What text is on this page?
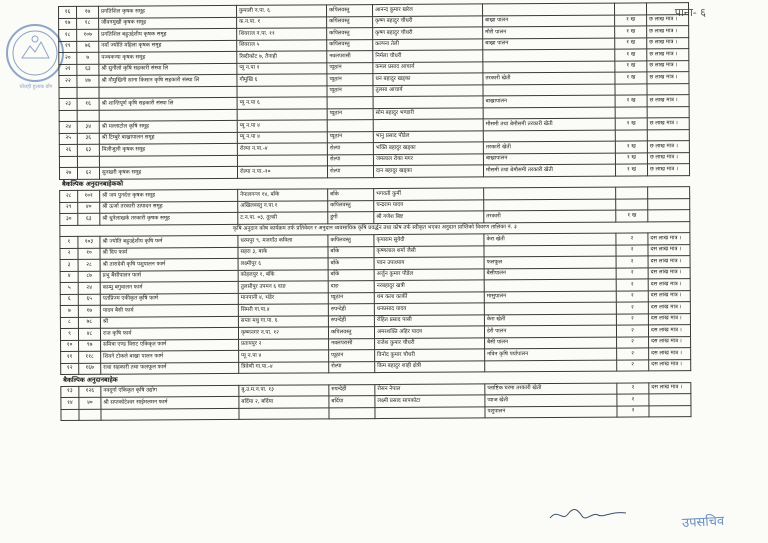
पाना- ६
घोराही हुलाक डाँग
१६	१७	प्रगतिशिल कृषक समूह	कुमाली न.पा. ६	कपिलवस्तु	आनन्द कुमार खरेल			
१७	१८	जीवनमुखी कृषक समूह	क.न.पा. १	कपिलवस्तु	कृष्ण बहादुर चौधरी	बाख्रा पालन	१ ख	छ लाख मात्र ।
१८	१०७	प्रगतिशिल बहुउद्देशीय कृषक समूह	शिवराज न.पा. ११	कपिलवस्तु	कृष्ण बहादुर चौधरी	मौरी पालन	१ ख	छ लाख मात्र ।
१९	७६	नयाँ ज्योति महिला कृषक समूह	शिवराज ५	कपिलवस्तु	कल्पना तेली	बाख्रा पालन	१ ख	छ लाख मात्र ।
२०	७	पञ्चकन्या कृषक समूह	रिब्दीकोट ७, तैनाही	नवलपरासी	निर्मला चौधरी		१ ख	छ लाख मात्र ।
२१	६३	श्री सुनौलो कृषि सहकारी संस्था लि	प्यू न.पा १	प्यूठान	कमल प्रसाद आचार्य		१ ख	छ लाख मात्र ।
२२	४७	श्री गौमुखिनी साना किसान कृषि सहकारी संस्था लि	गौमुखि ६	प्यूठान	धन बहादुर खड्का	तरकारी खेती	१ ख	छ लाख मात्र ।
				प्यूठान	तुलसा आचार्य			
२३	१६	श्री शान्तिपूर्ण कृषि सहकारी संस्था लि	प्यू न.पा ६			बाख्रापालन	१ ख	छ लाख मात्र ।
				प्यूठान	सोम बहादुर भण्डारी			
२४	३४	श्री मल्लाटोल कृषि समूह	प्यू न.पा ४			मौसमी तथा बेमौसमी तरकारी खेती	१ ख	छ लाख मात्र ।
२५	३६	श्री टिम्बुरे बाख्रापालन समूह	प्यू न.पा ४	प्यूठान	भानु प्रसाद पौडेल			
२६	६३	मिलीजुली कृषक समूह	रोल्पा न.पा.-४	रोल्पा	भक्ति बहादुर खड्का	तरकारी खेती	१ ख	छ लाख मात्र ।
				रोल्पा	जमलाल रोका मगर	बाख्रापालन	१ ख	छ लाख मात्र ।
२७	६२	सुनखरी कृषक समूह	रोल्पा न.पा.-१०	रोल्पा	दान बहादुर खड्का	मौसमी तथा बेमौसमी तरकारी खेती	१ ख	छ लाख मात्र ।
बैकल्पिक अनुदानबाहेकको								
२८	१०१	श्री जय पुनर्दत्त कृषक समूह	नेपालगन्ज १४, बाँके	बाँके	भगवती कुर्मी			
२९	४०	श्री ऊर्जा तरकारी उत्पादन समूह	अखिलवस्तु न.पा.१	कपिलवस्तु	चन्द्रराम यादव			
३०	६३	श्री धुनेलाखर्क तरकारी कृषक समूह	ट.न.पा. ०३, तुल्सी	डुंगी	श्री गणेश बिष्ट	तरकारी	१ ख	
कृषि अनुदान कोष कार्यक्रम तर्फ प्रतिवेदन र अनुदान व्यवसायिक कृषि प्रवर्द्धन तथा कोष तर्फ स्वीकृत भएका अनुदान प्राप्तिको विवरण तालिका नं. ३								
१	१०३	श्री ज्योति बहुउद्देशीय कृषि फर्म	धरमपुर ९, मजगाँउ कविला	कपिलवस्तु	कृपाराम सुवेदी	केरा खेती	२	दस लाख मात्र ।
२	१०	श्री दिप फार्म	सहरा ३, बाके	बाँके	कृष्णलाल शर्मा जैसी		२	दस लाख मात्र ।
३	२८	श्री तारादेवी कृषि पशुपालन फार्म	लक्ष्मीपुर ६	बाँके	पवन उपाध्याय	फलफूल	२	दस लाख मात्र ।
४	८७	प्रभु बैंसीपालन फार्म	कोहलपुर १, बाँके	बाँके	अर्जुन कुमार पौडेल	बैसीपालन	२	दस लाख मात्र ।
५	२४	काम्मु बगुवालन फार्म	तुलसीपुर उपमन ६ दाङ	दाङ	नरबहादुर खत्री		२	दस लाख मात्र ।
६	६५	पतप्रिज्म एकीकृत कृषि फार्म	मानपानी ४, भंडेर	प्यूठान	थम कला कार्की	मासुपालन	२	दस लाख मात्र ।
७	१७	यादव बैसी फार्म	सिमरी गा.पा.४	रुपन्देही	धनप्रसाद यादव		२	दस लाख मात्र ।
८	७८	श्री	सप्ता मधु गा.पा. ६	रुपन्देही	रोहित प्रसाद पासी	केरा खेती	२	दस लाख मात्र ।
९	४८	राज कृषि फार्म	कृष्णनगर न.पा. १२	कपिलवस्तु	अमरशक्ति अहिर यादव	डेरी पालन	२	दस लाख मात्र ।
१०	९७	समित्रा एण्ड विराट एकिकृत फार्म	प्रतापपुर २	नवलपरासी	राजेश कुमार चौधरी	बैसी पालन	२	दस लाख मात्र ।
११	११८	शिवने टोकले बाख्रा पालन फार्म	प्यू न.पा ४	प्यूठान	विनोद कुमार चौधरी	नविन कृषि पर्यापालन	२	दस लाख मात्र ।
१२	१६७	राधा सहकारी तथा फलफूल फार्म	त्रिवेणी गा.पा.-४	रोल्पा	किम बहादुर शाही क्षेत्री		२	दस लाख मात्र ।
बैकल्पिक अनुदानबाहेक								
१३	१२६	नवदुर्गा एकिकृत कृषि उद्योग	बु.उ.म.न.पा. १३	रुपन्देही	रोसन नेपाल	प्लाष्टिक घरमा तरकारी खेती	२	दस लाख मात्र ।
१४	४०	श्री सप्तकोटेश्वर साईमलमन फार्म	बर्दिया २, बर्दिया	बर्दिया	लक्ष्मी प्रसाद सापकोटा	प्याज खेती	२	
						पशुपालन	२	
उपसचिव
